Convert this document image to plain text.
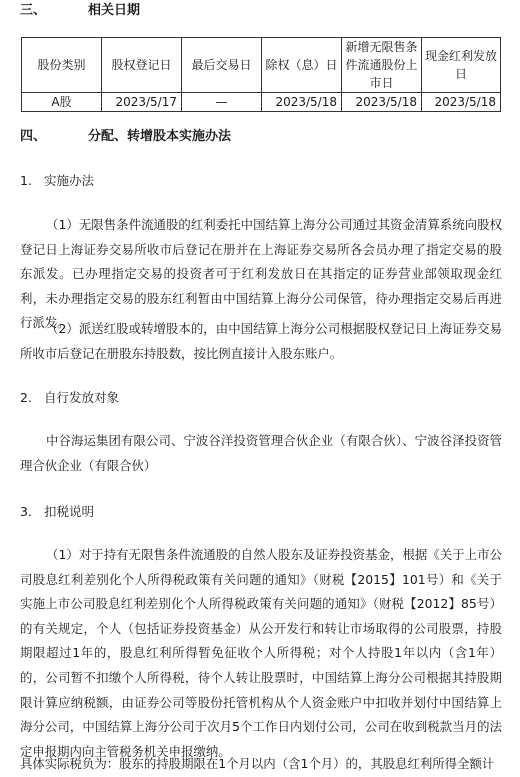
三、	相关日期
股份类别	股权登记日	最后交易日	除权（息）日	新增无限售条件流通股份上市日	现金红利发放日
A股	2023/5/17	—	2023/5/18	2023/5/18	2023/5/18
四、	分配、转增股本实施办法
1. 实施办法

（1）无限售条件流通股的红利委托中国结算上海分公司通过其资金清算系统向股权登记日上海证券交易所收市后登记在册并在上海证券交易所各会员办理了指定交易的股东派发。已办理指定交易的投资者可于红利发放日在其指定的证券营业部领取现金红利，未办理指定交易的股东红利暂由中国结算上海分公司保管，待办理指定交易后再进行派发。

（2）派送红股或转增股本的，由中国结算上海分公司根据股权登记日上海证券交易所收市后登记在册股东持股数，按比例直接计入股东账户。

2. 自行发放对象

中谷海运集团有限公司、宁波谷洋投资管理合伙企业（有限合伙）、宁波谷泽投资管理合伙企业（有限合伙）

3. 扣税说明

（1）对于持有无限售条件流通股的自然人股东及证券投资基金，根据《关于上市公司股息红利差别化个人所得税政策有关问题的通知》（财税【2015】101号）和《关于实施上市公司股息红利差别化个人所得税政策有关问题的通知》（财税【2012】85号）的有关规定，个人（包括证券投资基金）从公开发行和转让市场取得的公司股票，持股期限超过1年的，股息红利所得暂免征收个人所得税；对个人持股1年以内（含1年）的，公司暂不扣缴个人所得税，待个人转让股票时，中国结算上海分公司根据其持股期限计算应纳税额，由证券公司等股份托管机构从个人资金账户中扣收并划付中国结算上海分公司，中国结算上海分公司于次月5个工作日内划付公司，公司在收到税款当月的法定申报期内向主管税务机关申报缴纳。

具体实际税负为：股东的持股期限在1个月以内（含1个月）的，其股息红利所得全额计
